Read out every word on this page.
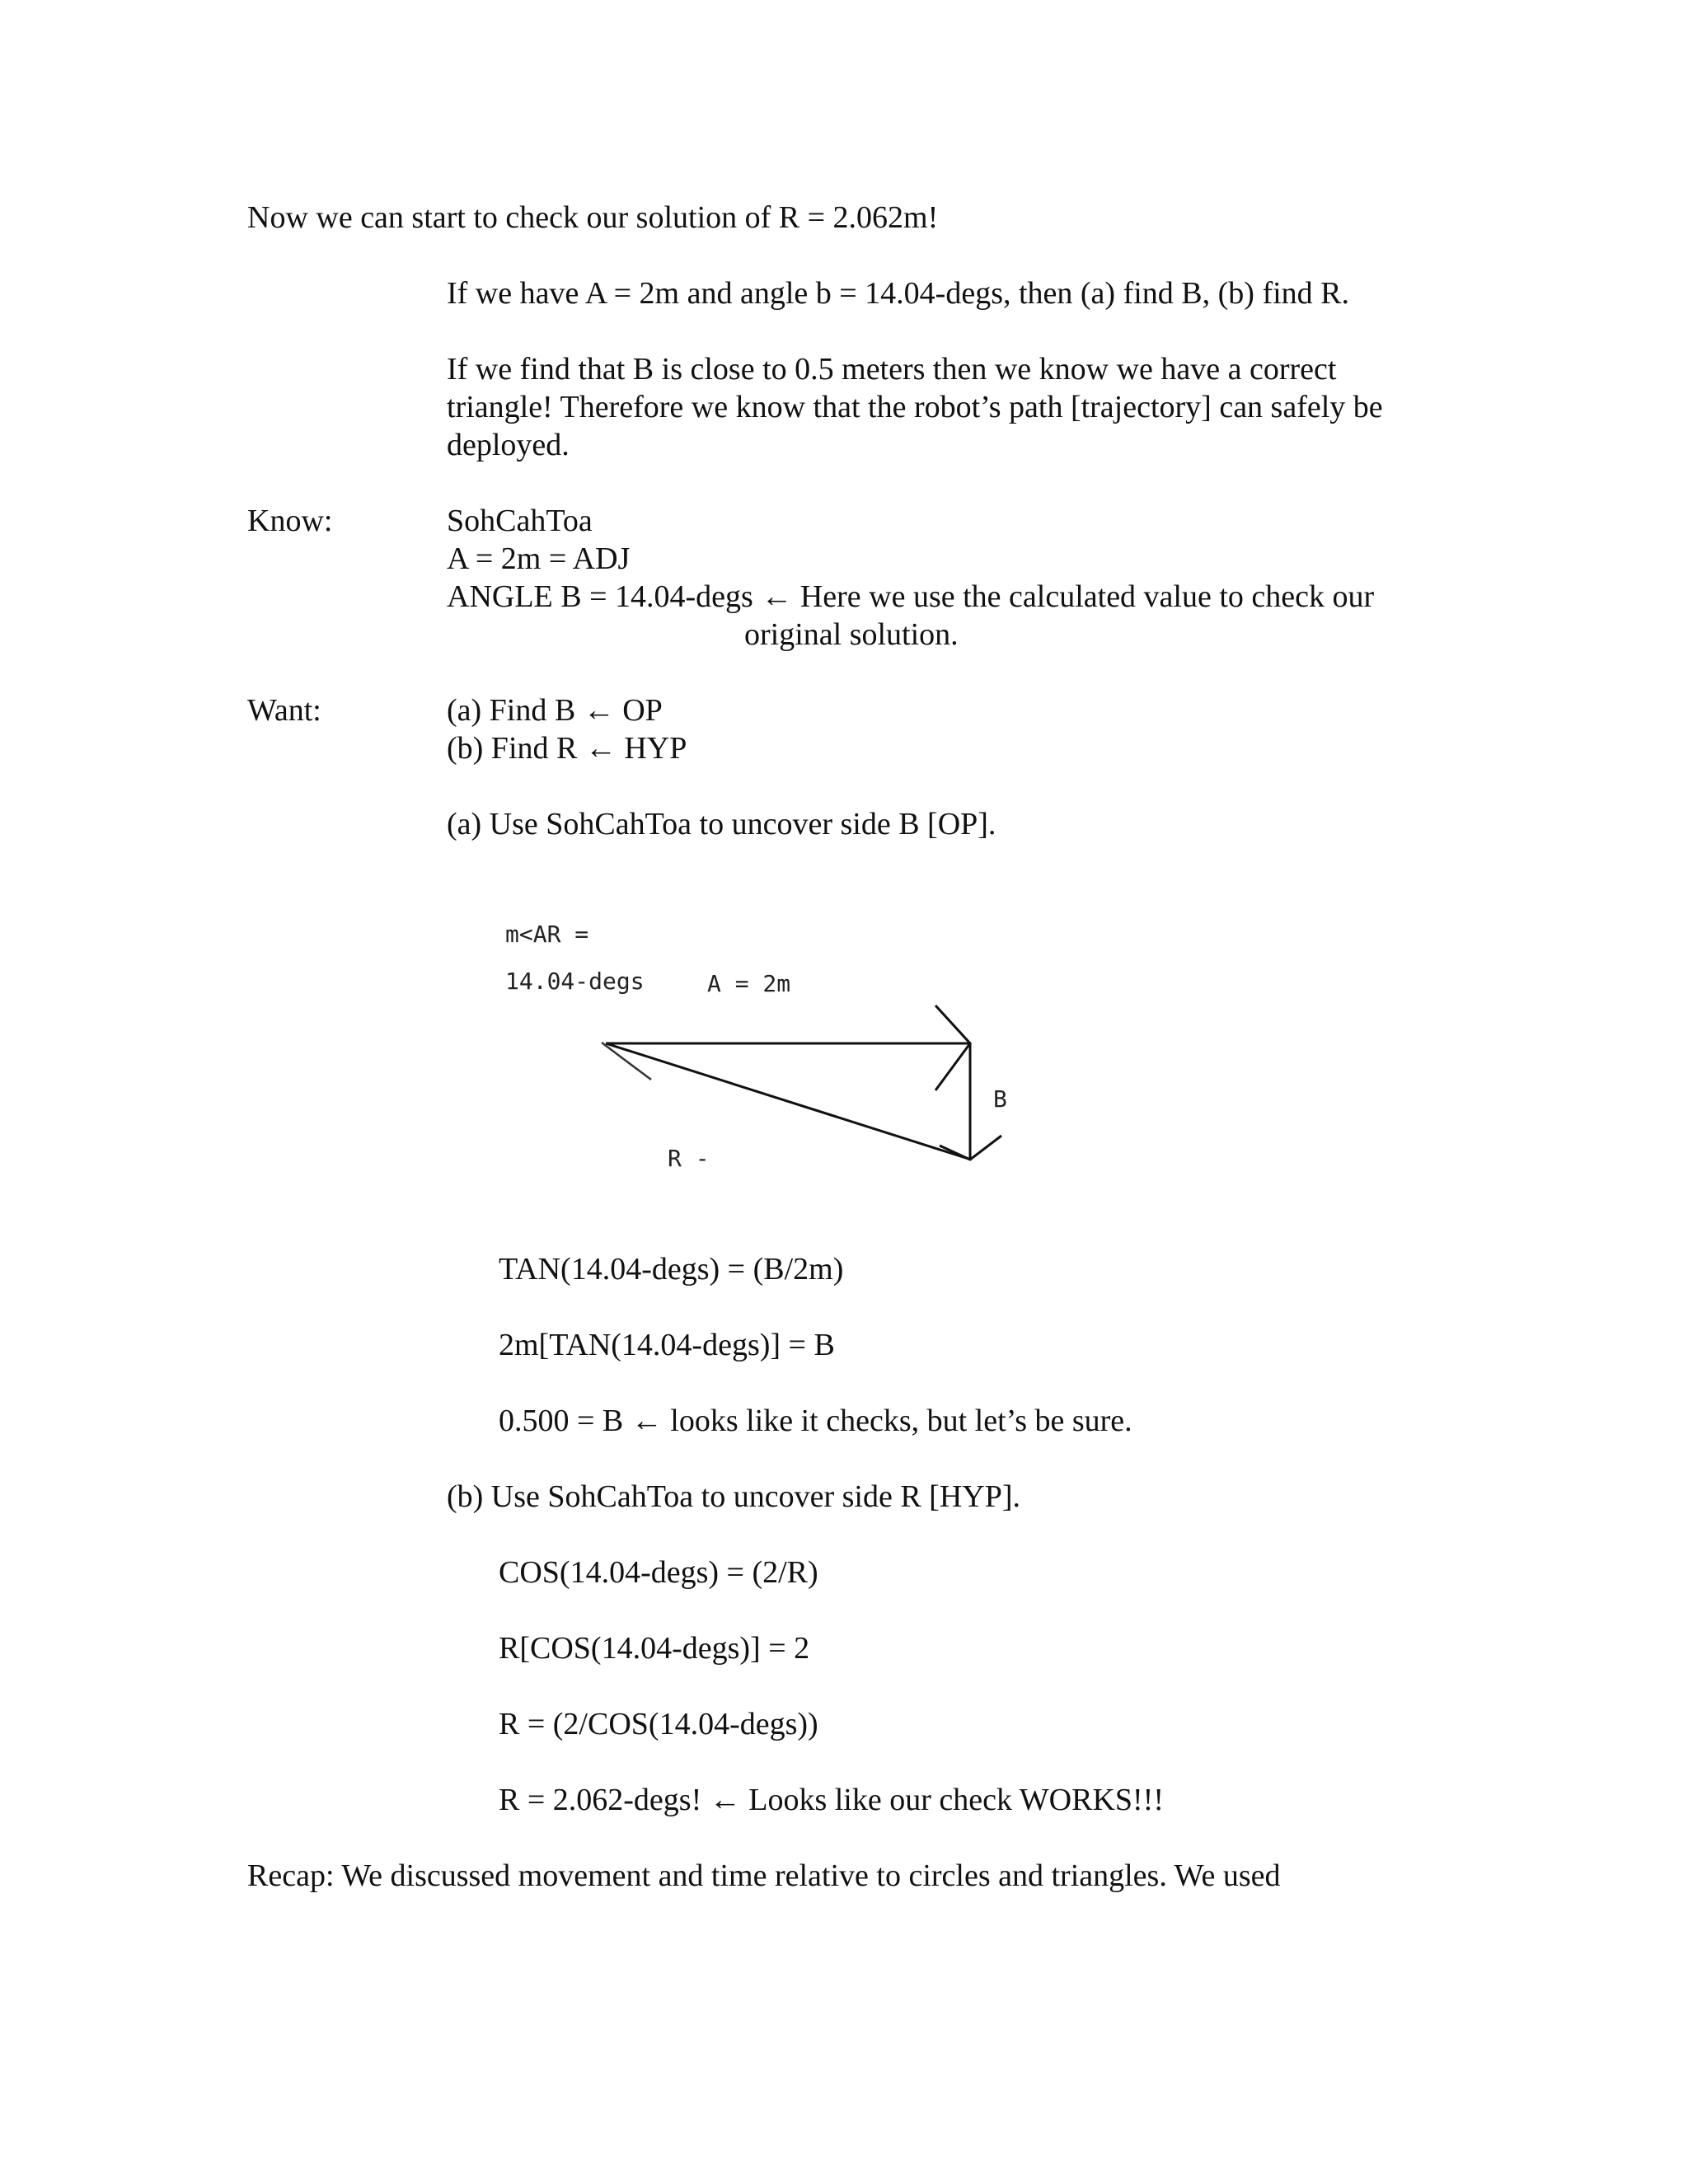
Now we can start to check our solution of R = 2.062m!
If we have A = 2m and angle b = 14.04-degs, then (a) find B, (b) find R.
If we find that B is close to 0.5 meters then we know we have a correct triangle! Therefore we know that the robot’s path [trajectory] can safely be deployed.
Know:	SohCahToa
A = 2m = ADJ
ANGLE B = 14.04-degs ← Here we use the calculated value to check our
original solution.
Want:	(a) Find B ← OP
(b) Find R ← HYP
(a) Use SohCahToa to uncover side B [OP].
m<AR =
14.04-degs	A = 2m
B
R -
TAN(14.04-degs) = (B/2m)
2m[TAN(14.04-degs)] = B
0.500 = B ← looks like it checks, but let’s be sure.
(b) Use SohCahToa to uncover side R [HYP].
COS(14.04-degs) = (2/R)
R[COS(14.04-degs)] = 2
R = (2/COS(14.04-degs))
R = 2.062-degs! ← Looks like our check WORKS!!!
Recap: We discussed movement and time relative to circles and triangles. We used
